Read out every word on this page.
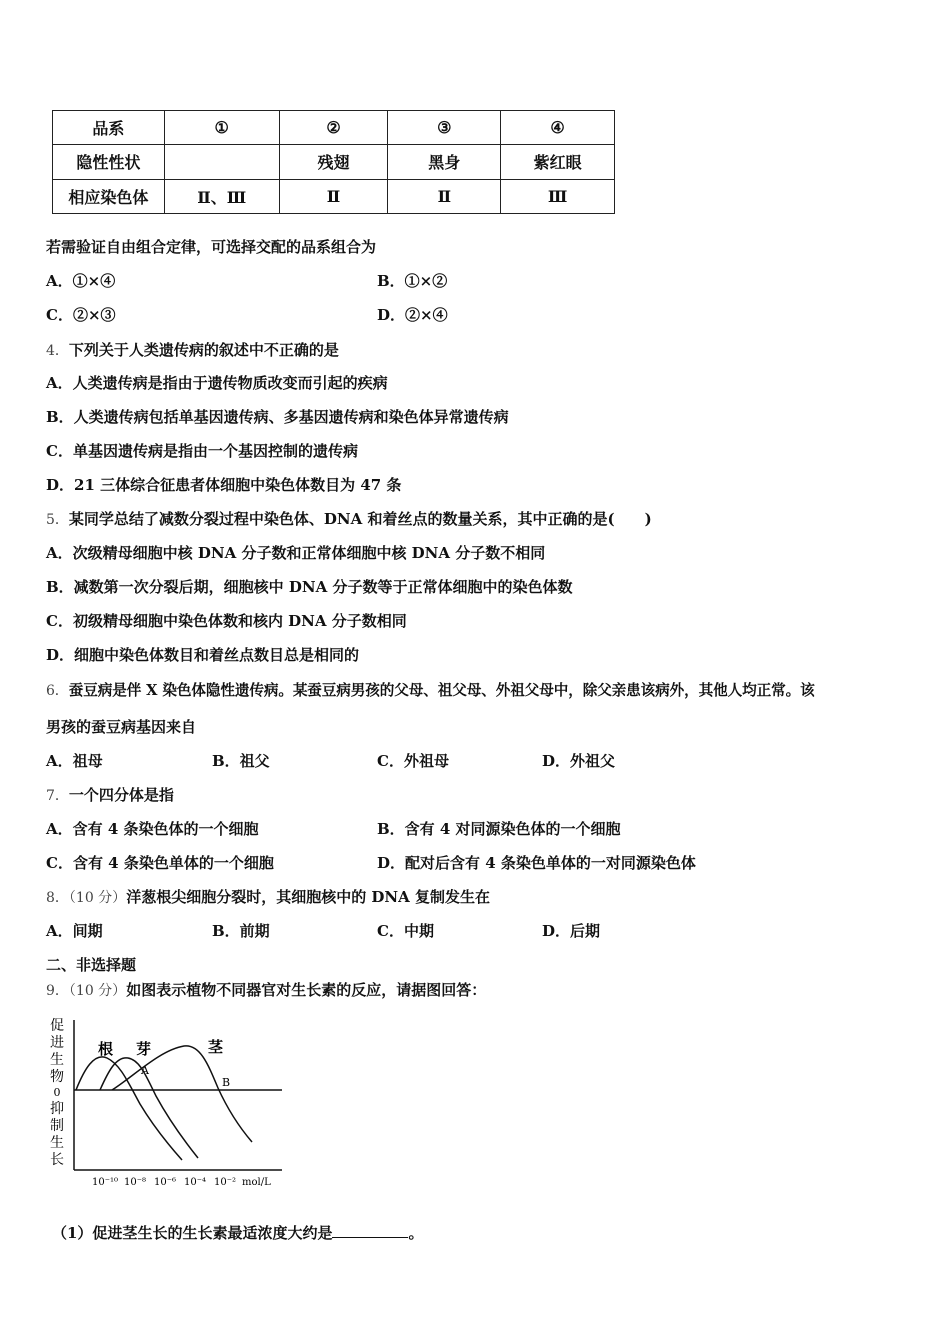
品系	①	②	③	④
隐性性状		残翅	黑身	紫红眼
相应染色体	Ⅱ、Ⅲ	Ⅱ	Ⅱ	Ⅲ
若需验证自由组合定律，可选择交配的品系组合为
A．①×④	B．①×②
C．②×③	D．②×④
4．下列关于人类遗传病的叙述中不正确的是
A．人类遗传病是指由于遗传物质改变而引起的疾病
B．人类遗传病包括单基因遗传病、多基因遗传病和染色体异常遗传病
C．单基因遗传病是指由一个基因控制的遗传病
D．21 三体综合征患者体细胞中染色体数目为 47 条
5．某同学总结了减数分裂过程中染色体、DNA 和着丝点的数量关系，其中正确的是(　　)
A．次级精母细胞中核 DNA 分子数和正常体细胞中核 DNA 分子数不相同
B．减数第一次分裂后期，细胞核中 DNA 分子数等于正常体细胞中的染色体数
C．初级精母细胞中染色体数和核内 DNA 分子数相同
D．细胞中染色体数目和着丝点数目总是相同的
6．蚕豆病是伴 X 染色体隐性遗传病。某蚕豆病男孩的父母、祖父母、外祖父母中，除父亲患该病外，其他人均正常。该
男孩的蚕豆病基因来自
A．祖母	B．祖父	C．外祖母	D．外祖父
7．一个四分体是指
A．含有 4 条染色体的一个细胞	B．含有 4 对同源染色体的一个细胞
C．含有 4 条染色单体的一个细胞	D．配对后含有 4 条染色单体的一对同源染色体
8．（10 分）洋葱根尖细胞分裂时，其细胞核中的 DNA 复制发生在
A．间期	B．前期	C．中期	D．后期
二、非选择题
9．（10 分）如图表示植物不同器官对生长素的反应，请据图回答：
促
进
生
物
0
抑
制
生
长
根 芽	茎
A
B
10⁻¹⁰ 10⁻⁸ 10⁻⁶ 10⁻⁴ 10⁻² mol/L
（1）促进茎生长的生长素最适浓度大约是	。
